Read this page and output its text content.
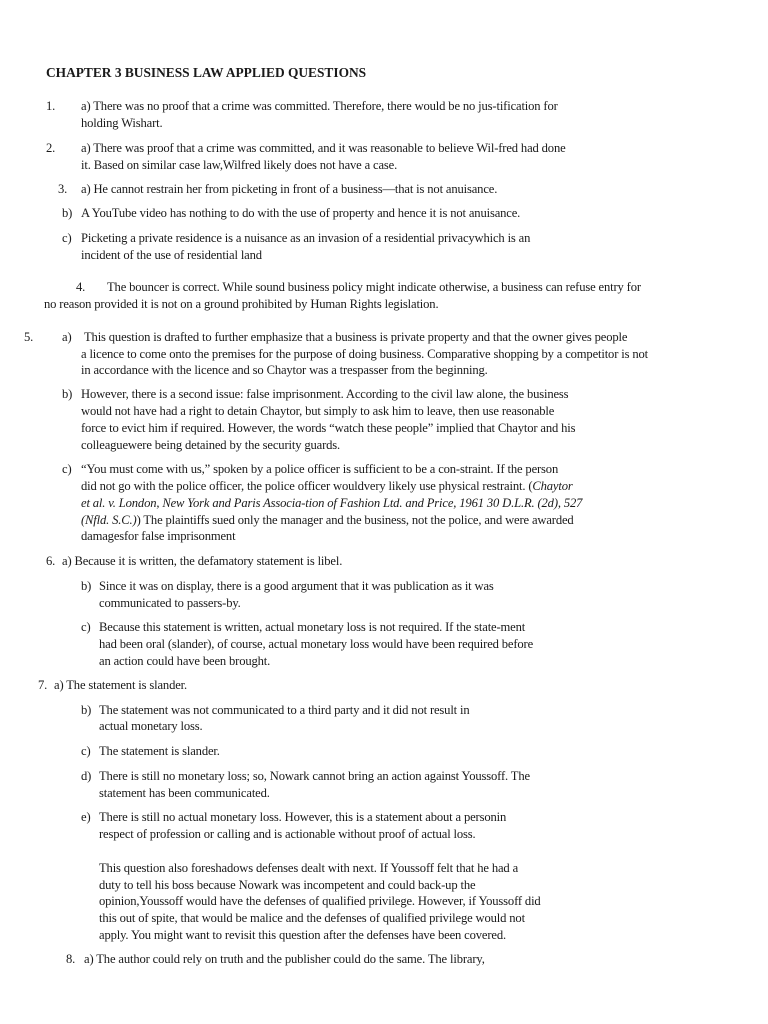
CHAPTER 3 BUSINESS LAW APPLIED QUESTIONS
1. a) There was no proof that a crime was committed. Therefore, there would be no jus-tification for
holding Wishart.
2. a) There was proof that a crime was committed, and it was reasonable to believe Wil-fred had done
it. Based on similar case law,Wilfred likely does not have a case.
3. a) He cannot restrain her from picketing in front of a business—that is not anuisance.
b) A YouTube video has nothing to do with the use of property and hence it is not anuisance.
c) Picketing a private residence is a nuisance as an invasion of a residential privacywhich is an
incident of the use of residential land
4. The bouncer is correct. While sound business policy might indicate otherwise, a business can refuse entry for
no reason provided it is not on a ground prohibited by Human Rights legislation.
5. a) This question is drafted to further emphasize that a business is private property and that the owner gives people
a licence to come onto the premises for the purpose of doing business. Comparative shopping by a competitor is not
in accordance with the licence and so Chaytor was a trespasser from the beginning.
b) However, there is a second issue: false imprisonment. According to the civil law alone, the business
would not have had a right to detain Chaytor, but simply to ask him to leave, then use reasonable
force to evict him if required. However, the words “watch these people” implied that Chaytor and his
colleaguewere being detained by the security guards.
c) “You must come with us,” spoken by a police officer is sufficient to be a con-straint. If the person
did not go with the police officer, the police officer wouldvery likely use physical restraint. (Chaytor
et al. v. London, New York and Paris Associa-tion of Fashion Ltd. and Price, 1961 30 D.L.R. (2d), 527
(Nfld. S.C.)) The plaintiffs sued only the manager and the business, not the police, and were awarded
damagesfor false imprisonment
6. a) Because it is written, the defamatory statement is libel.
b) Since it was on display, there is a good argument that it was publication as it was
communicated to passers-by.
c) Because this statement is written, actual monetary loss is not required. If the state-ment
had been oral (slander), of course, actual monetary loss would have been required before
an action could have been brought.
7. a) The statement is slander.
b) The statement was not communicated to a third party and it did not result in
actual monetary loss.
c) The statement is slander.
d) There is still no monetary loss; so, Nowark cannot bring an action against Youssoff. The
statement has been communicated.
e) There is still no actual monetary loss. However, this is a statement about a personin
respect of profession or calling and is actionable without proof of actual loss.
This question also foreshadows defenses dealt with next. If Youssoff felt that he had a
duty to tell his boss because Nowark was incompetent and could back-up the
opinion,Youssoff would have the defenses of qualified privilege. However, if Youssoff did
this out of spite, that would be malice and the defenses of qualified privilege would not
apply. You might want to revisit this question after the defenses have been covered.
8. a) The author could rely on truth and the publisher could do the same. The library,
